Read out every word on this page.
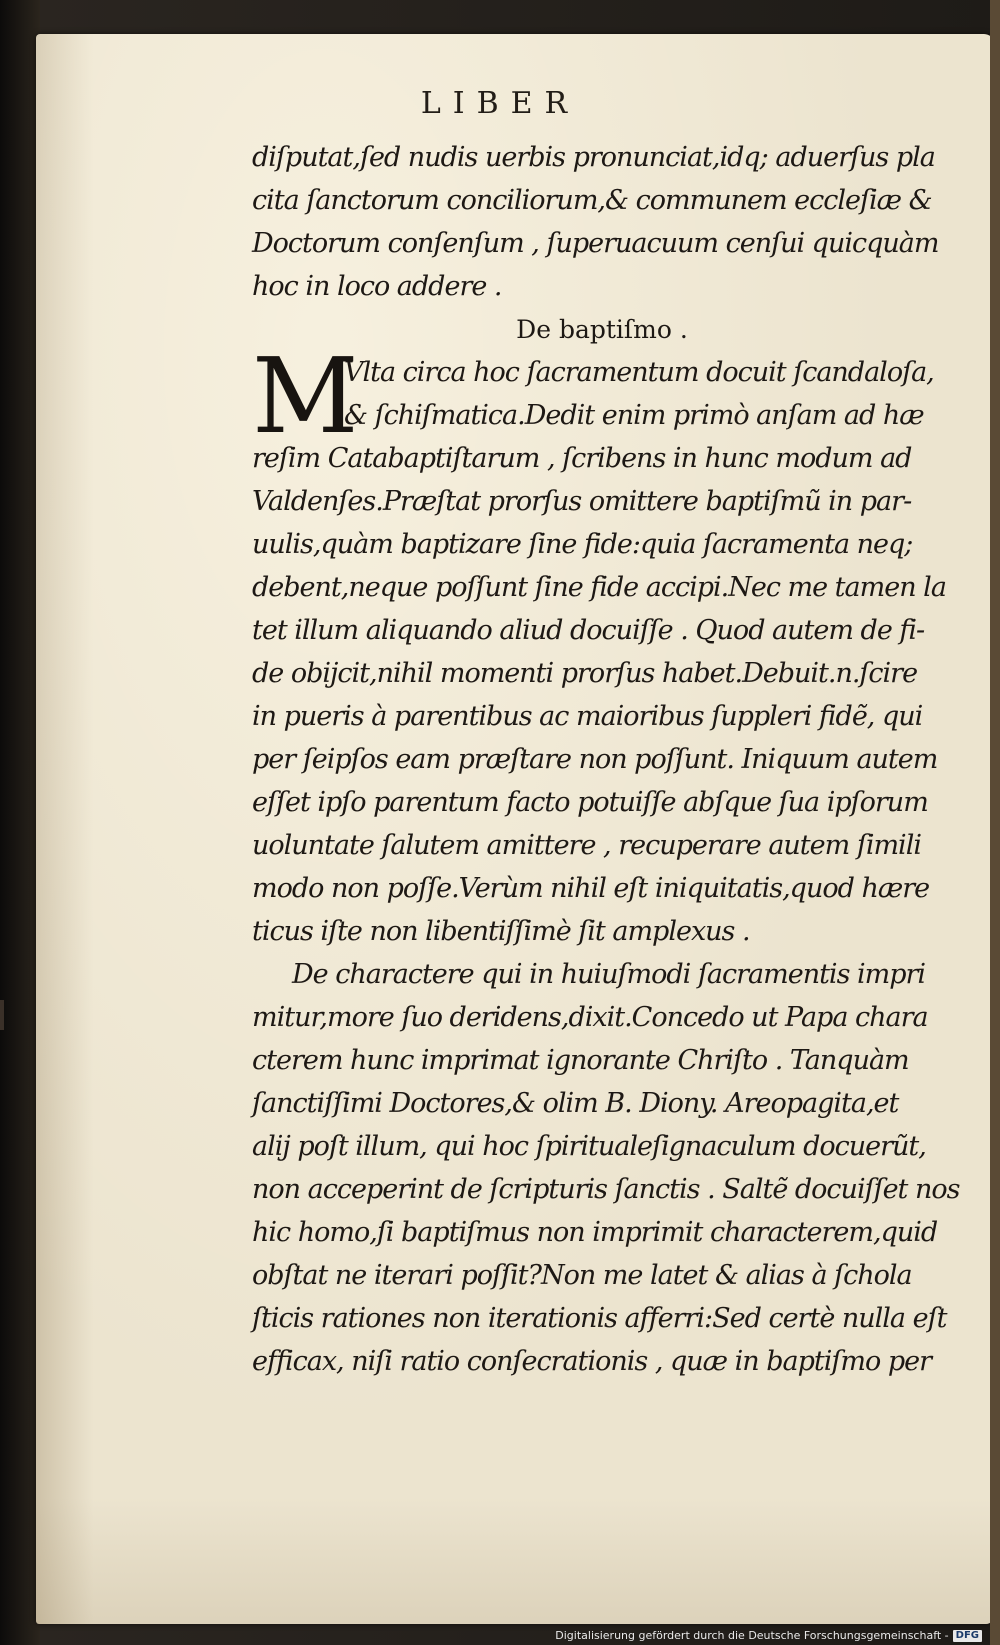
LIBER
diſputat,ſed nudis uerbis pronunciat,idq; aduerſus pla
cita ſanctorum conciliorum,& communem eccleſiæ &
Doctorum conſenſum , ſuperuacuum cenſui quicquàm
hoc in loco addere .
De baptiſmo .
M
Vlta circa hoc ſacramentum docuit ſcandaloſa,
& ſchiſmatica.Dedit enim primò anſam ad hæ
reſim Catabaptiſtarum , ſcribens in hunc modum ad
Valdenſes.Præſtat prorſus omittere baptiſmũ in par-
uulis,quàm baptizare ſine fide:quia ſacramenta neq;
debent,neque poſſunt ſine fide accipi.Nec me tamen la
tet illum aliquando aliud docuiſſe . Quod autem de fi-
de obijcit,nihil momenti prorſus habet.Debuit.n.ſcire
in pueris à parentibus ac maioribus ſuppleri fidẽ, qui
per ſeipſos eam præſtare non poſſunt. Iniquum autem
eſſet ipſo parentum facto potuiſſe abſque ſua ipſorum
uoluntate ſalutem amittere , recuperare autem ſimili
modo non poſſe.Verùm nihil eſt iniquitatis,quod hære
ticus iſte non libentiſſimè ſit amplexus .
De charactere qui in huiuſmodi ſacramentis impri
mitur,more ſuo deridens,dixit.Concedo ut Papa chara
cterem hunc imprimat ignorante Chriſto . Tanquàm
ſanctiſſimi Doctores,& olim B. Diony. Areopagita,et
alij poſt illum, qui hoc ſpiritualeſignaculum docuerũt,
non acceperint de ſcripturis ſanctis . Saltẽ docuiſſet nos
hic homo,ſi baptiſmus non imprimit characterem,quid
obſtat ne iterari poſſit?Non me latet & alias à ſchola
ſticis rationes non iterationis afferri:Sed certè nulla eſt
efficax, niſi ratio conſecrationis , quæ in baptiſmo per
Digitalisierung gefördert durch die Deutsche Forschungsgemeinschaft - DFG
